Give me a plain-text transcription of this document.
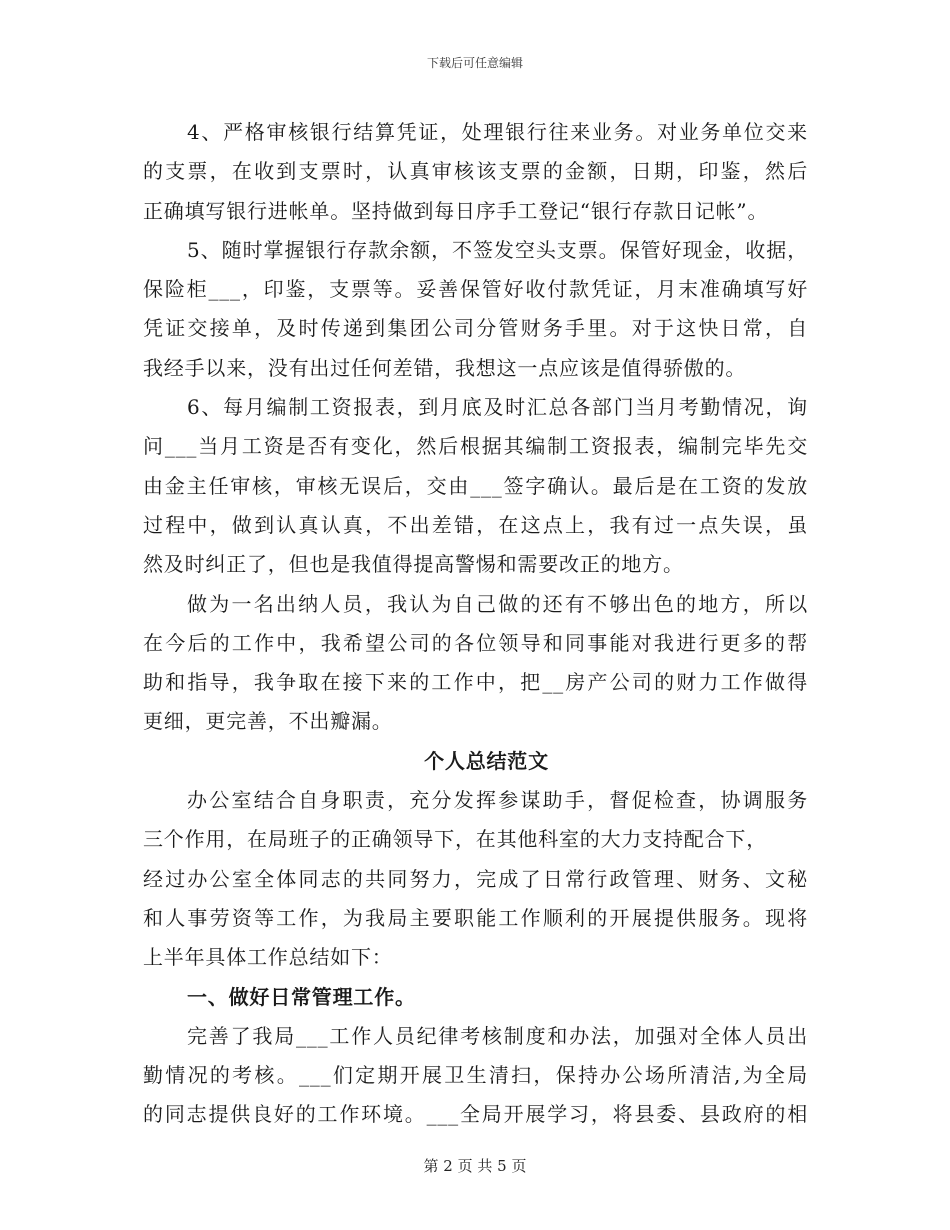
下载后可任意编辑
4、严格审核银行结算凭证，处理银行往来业务。对业务单位交来
的支票，在收到支票时，认真审核该支票的金额，日期，印鉴，然后
正确填写银行进帐单。坚持做到每日序手工登记“银行存款日记帐”。
5、随时掌握银行存款余额，不签发空头支票。保管好现金，收据，
保险柜___，印鉴，支票等。妥善保管好收付款凭证，月末准确填写好
凭证交接单，及时传递到集团公司分管财务手里。对于这快日常，自
我经手以来，没有出过任何差错，我想这一点应该是值得骄傲的。
6、每月编制工资报表，到月底及时汇总各部门当月考勤情况，询
问___当月工资是否有变化，然后根据其编制工资报表，编制完毕先交
由金主任审核，审核无误后，交由___签字确认。最后是在工资的发放
过程中，做到认真认真，不出差错，在这点上，我有过一点失误，虽
然及时纠正了，但也是我值得提高警惕和需要改正的地方。
做为一名出纳人员，我认为自己做的还有不够出色的地方，所以
在今后的工作中，我希望公司的各位领导和同事能对我进行更多的帮
助和指导，我争取在接下来的工作中，把__房产公司的财力工作做得
更细，更完善，不出瓣漏。
个人总结范文
办公室结合自身职责，充分发挥参谋助手，督促检查，协调服务
三个作用，在局班子的正确领导下，在其他科室的大力支持配合下，
经过办公室全体同志的共同努力，完成了日常行政管理、财务、文秘
和人事劳资等工作，为我局主要职能工作顺利的开展提供服务。现将
上半年具体工作总结如下：
一、做好日常管理工作。
完善了我局___工作人员纪律考核制度和办法，加强对全体人员出
勤情况的考核。___们定期开展卫生清扫，保持办公场所清洁,为全局
的同志提供良好的工作环境。___全局开展学习，将县委、县政府的相
第 2 页 共 5 页
